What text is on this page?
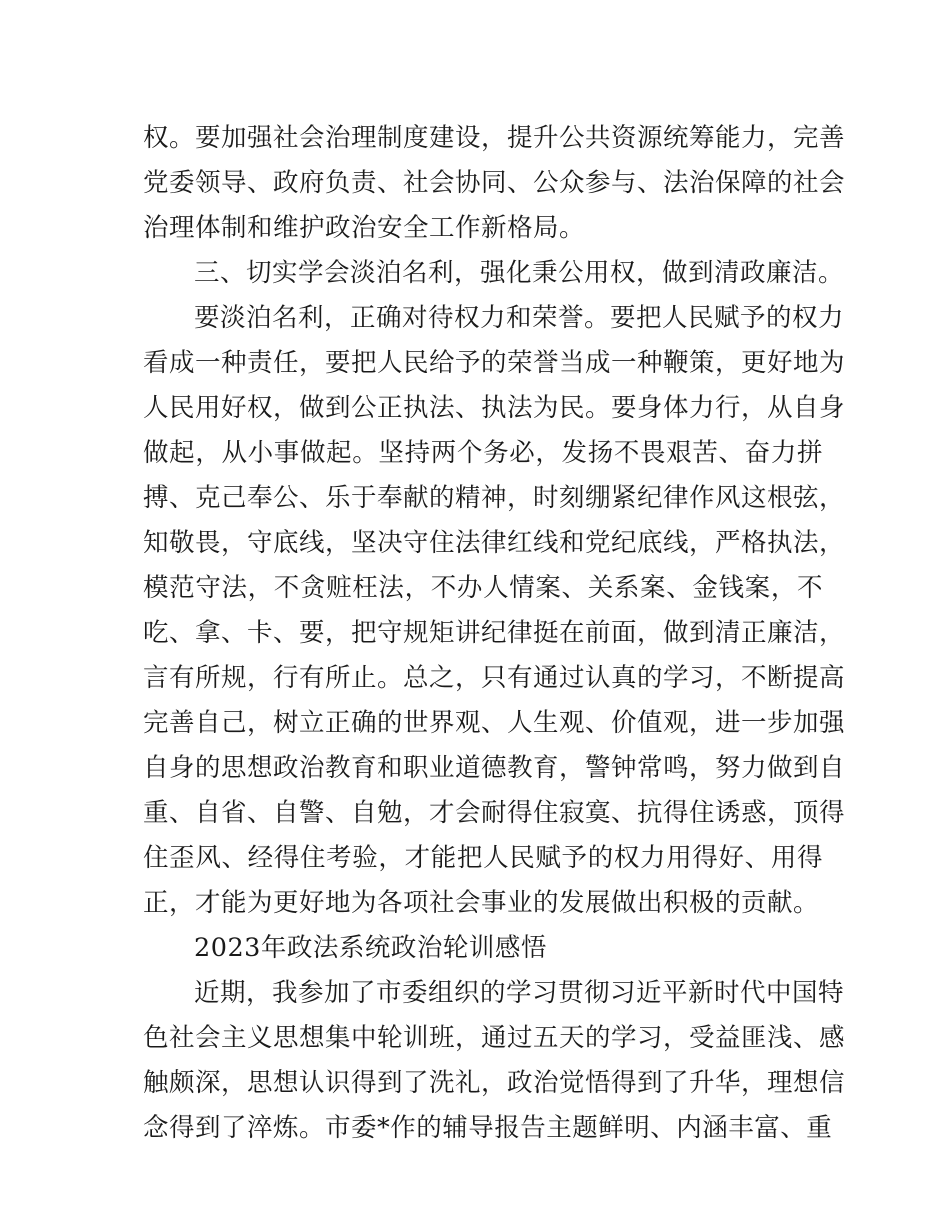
权。要加强社会治理制度建设，提升公共资源统筹能力，完善
党委领导、政府负责、社会协同、公众参与、法治保障的社会
治理体制和维护政治安全工作新格局。
三、切实学会淡泊名利，强化秉公用权，做到清政廉洁。
要淡泊名利，正确对待权力和荣誉。要把人民赋予的权力
看成一种责任，要把人民给予的荣誉当成一种鞭策，更好地为
人民用好权，做到公正执法、执法为民。要身体力行，从自身
做起，从小事做起。坚持两个务必，发扬不畏艰苦、奋力拼
搏、克己奉公、乐于奉献的精神，时刻绷紧纪律作风这根弦，
知敬畏，守底线，坚决守住法律红线和党纪底线，严格执法，
模范守法，不贪赃枉法，不办人情案、关系案、金钱案，不
吃、拿、卡、要，把守规矩讲纪律挺在前面，做到清正廉洁，
言有所规，行有所止。总之，只有通过认真的学习，不断提高
完善自己，树立正确的世界观、人生观、价值观，进一步加强
自身的思想政治教育和职业道德教育，警钟常鸣，努力做到自
重、自省、自警、自勉，才会耐得住寂寞、抗得住诱惑，顶得
住歪风、经得住考验，才能把人民赋予的权力用得好、用得
正，才能为更好地为各项社会事业的发展做出积极的贡献。
2023年政法系统政治轮训感悟
近期，我参加了市委组织的学习贯彻习近平新时代中国特
色社会主义思想集中轮训班，通过五天的学习，受益匪浅、感
触颇深，思想认识得到了洗礼，政治觉悟得到了升华，理想信
念得到了淬炼。市委*作的辅导报告主题鲜明、内涵丰富、重
